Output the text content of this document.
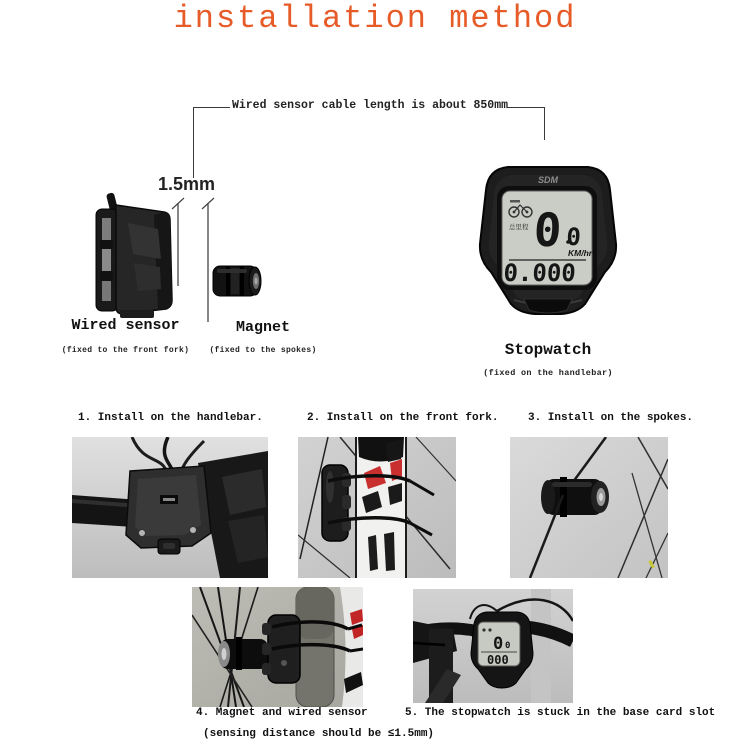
installation method
Wired sensor cable length is about 850mm
1.5mm
Wired sensor
(fixed to the front fork)
Magnet
(fixed to the spokes)
SDM
总里程 0 0
KM/hr
0.000
Stopwatch
(fixed on the handlebar)
1. Install on the handlebar.	2. Install on the front fork.	3. Install on the spokes.
0 0
000
4. Magnet and wired sensor
(sensing distance should be ≤1.5mm)
5. The stopwatch is stuck in the base card slot
